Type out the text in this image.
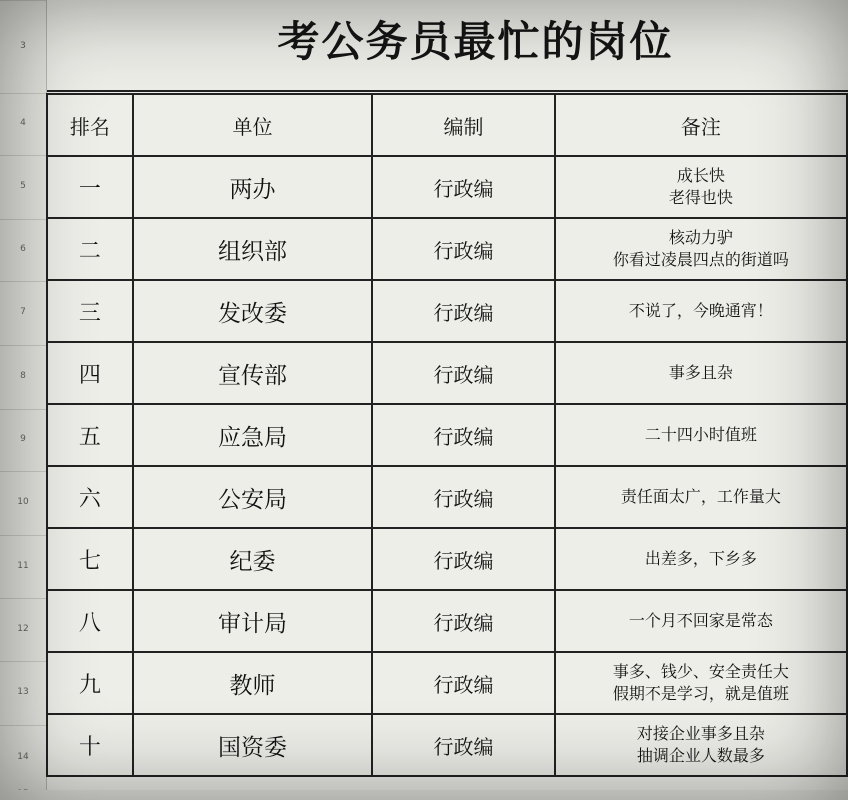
3
4
5
6
7
8
9
10
11
12
13
14
考公务员最忙的岗位
排名	单位	编制	备注
一	两办	行政编	成长快
老得也快

二	组织部	行政编	核动力驴
你看过凌晨四点的街道吗

三	发改委	行政编	不说了，今晚通宵！

四	宣传部	行政编	事多且杂

五	应急局	行政编	二十四小时值班

六	公安局	行政编	责任面太广，工作量大

七	纪委	行政编	出差多，下乡多

八	审计局	行政编	一个月不回家是常态

九	教师	行政编	事多、钱少、安全责任大
假期不是学习，就是值班

十	国资委	行政编	对接企业事多且杂
抽调企业人数最多
